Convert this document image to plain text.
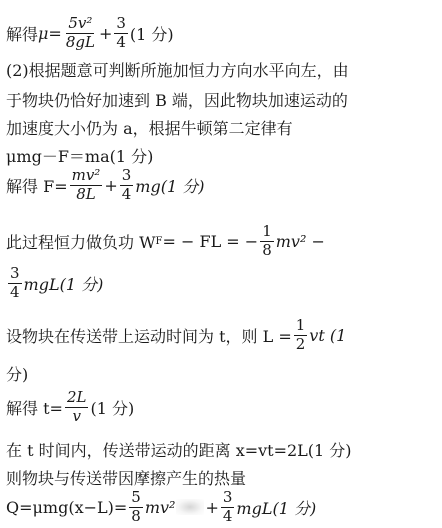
解得 $\mu = \frac{\text{5v²}}{8gL} + \frac{3}{4} (1$ 分)
(2)根据题意可判断所施加恒力方向水平向左，由
于物块仍恰好加速到 B 端，因此物块加速运动的
加速度大小仍为 a，根据牛顿第二定律有
μmg－F＝ma(1 分)
解得 $F= \frac{\text{mv²}}{8L} + \frac{3}{4} mg(1$ 分)
此过程恒力做负功 W F = − FL = − $\frac{1}{8} mv^2$ −
$\frac{3}{4} mgL(1$ 分)
设物块在传送带上运动时间为 t，则 $L = \frac{1}{2}$ vt (1
分)
解得 $t= \frac{2L}{v} (1$ 分)
在 t 时间内，传送带运动的距离 x=vt=2L(1 分)
则物块与传送带因摩擦产生的热量
$Q=\mu mg(x-L)= \frac{5}{8} mv^2 + \frac{3}{4} mgL(1$ 分)
